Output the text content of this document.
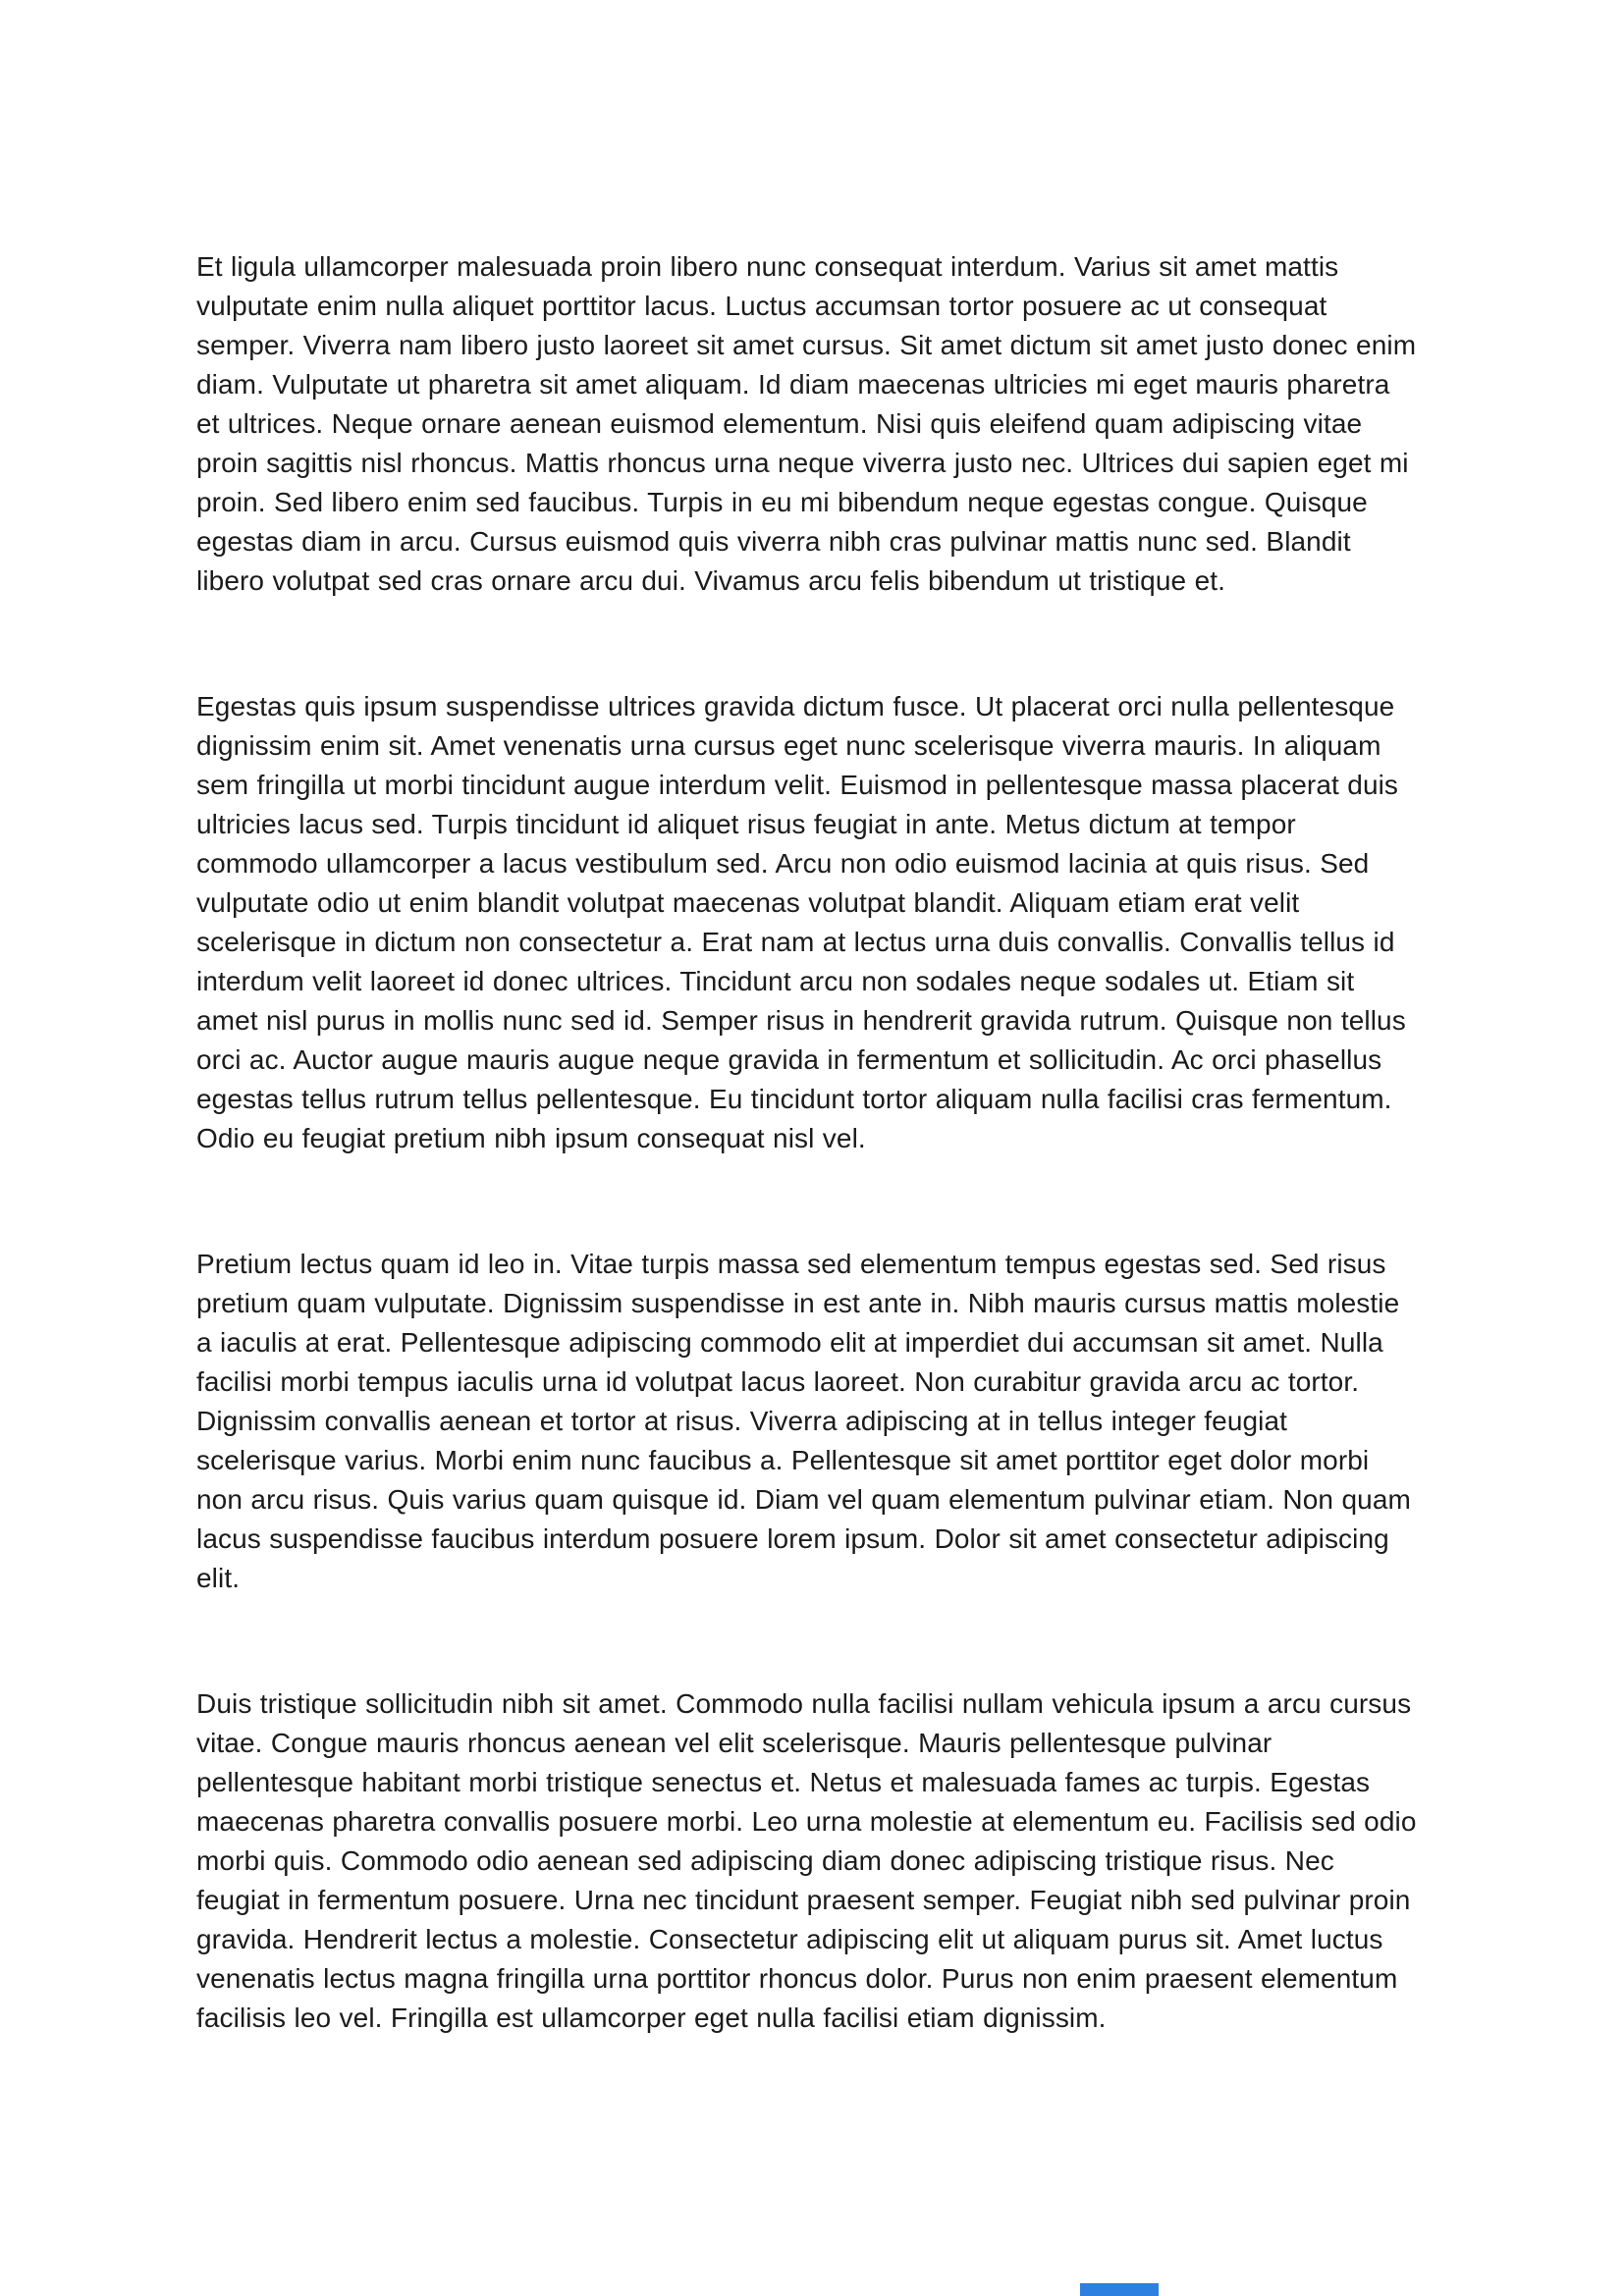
Et ligula ullamcorper malesuada proin libero nunc consequat interdum. Varius sit amet mattis vulputate enim nulla aliquet porttitor lacus. Luctus accumsan tortor posuere ac ut consequat semper. Viverra nam libero justo laoreet sit amet cursus. Sit amet dictum sit amet justo donec enim diam. Vulputate ut pharetra sit amet aliquam. Id diam maecenas ultricies mi eget mauris pharetra et ultrices. Neque ornare aenean euismod elementum. Nisi quis eleifend quam adipiscing vitae proin sagittis nisl rhoncus. Mattis rhoncus urna neque viverra justo nec. Ultrices dui sapien eget mi proin. Sed libero enim sed faucibus. Turpis in eu mi bibendum neque egestas congue. Quisque egestas diam in arcu. Cursus euismod quis viverra nibh cras pulvinar mattis nunc sed. Blandit libero volutpat sed cras ornare arcu dui. Vivamus arcu felis bibendum ut tristique et.

Egestas quis ipsum suspendisse ultrices gravida dictum fusce. Ut placerat orci nulla pellentesque dignissim enim sit. Amet venenatis urna cursus eget nunc scelerisque viverra mauris. In aliquam sem fringilla ut morbi tincidunt augue interdum velit. Euismod in pellentesque massa placerat duis ultricies lacus sed. Turpis tincidunt id aliquet risus feugiat in ante. Metus dictum at tempor commodo ullamcorper a lacus vestibulum sed. Arcu non odio euismod lacinia at quis risus. Sed vulputate odio ut enim blandit volutpat maecenas volutpat blandit. Aliquam etiam erat velit scelerisque in dictum non consectetur a. Erat nam at lectus urna duis convallis. Convallis tellus id interdum velit laoreet id donec ultrices. Tincidunt arcu non sodales neque sodales ut. Etiam sit amet nisl purus in mollis nunc sed id. Semper risus in hendrerit gravida rutrum. Quisque non tellus orci ac. Auctor augue mauris augue neque gravida in fermentum et sollicitudin. Ac orci phasellus egestas tellus rutrum tellus pellentesque. Eu tincidunt tortor aliquam nulla facilisi cras fermentum. Odio eu feugiat pretium nibh ipsum consequat nisl vel.

Pretium lectus quam id leo in. Vitae turpis massa sed elementum tempus egestas sed. Sed risus pretium quam vulputate. Dignissim suspendisse in est ante in. Nibh mauris cursus mattis molestie a iaculis at erat. Pellentesque adipiscing commodo elit at imperdiet dui accumsan sit amet. Nulla facilisi morbi tempus iaculis urna id volutpat lacus laoreet. Non curabitur gravida arcu ac tortor. Dignissim convallis aenean et tortor at risus. Viverra adipiscing at in tellus integer feugiat scelerisque varius. Morbi enim nunc faucibus a. Pellentesque sit amet porttitor eget dolor morbi non arcu risus. Quis varius quam quisque id. Diam vel quam elementum pulvinar etiam. Non quam lacus suspendisse faucibus interdum posuere lorem ipsum. Dolor sit amet consectetur adipiscing elit.

Duis tristique sollicitudin nibh sit amet. Commodo nulla facilisi nullam vehicula ipsum a arcu cursus vitae. Congue mauris rhoncus aenean vel elit scelerisque. Mauris pellentesque pulvinar pellentesque habitant morbi tristique senectus et. Netus et malesuada fames ac turpis. Egestas maecenas pharetra convallis posuere morbi. Leo urna molestie at elementum eu. Facilisis sed odio morbi quis. Commodo odio aenean sed adipiscing diam donec adipiscing tristique risus. Nec feugiat in fermentum posuere. Urna nec tincidunt praesent semper. Feugiat nibh sed pulvinar proin gravida. Hendrerit lectus a molestie. Consectetur adipiscing elit ut aliquam purus sit. Amet luctus venenatis lectus magna fringilla urna porttitor rhoncus dolor. Purus non enim praesent elementum facilisis leo vel. Fringilla est ullamcorper eget nulla facilisi etiam dignissim.
